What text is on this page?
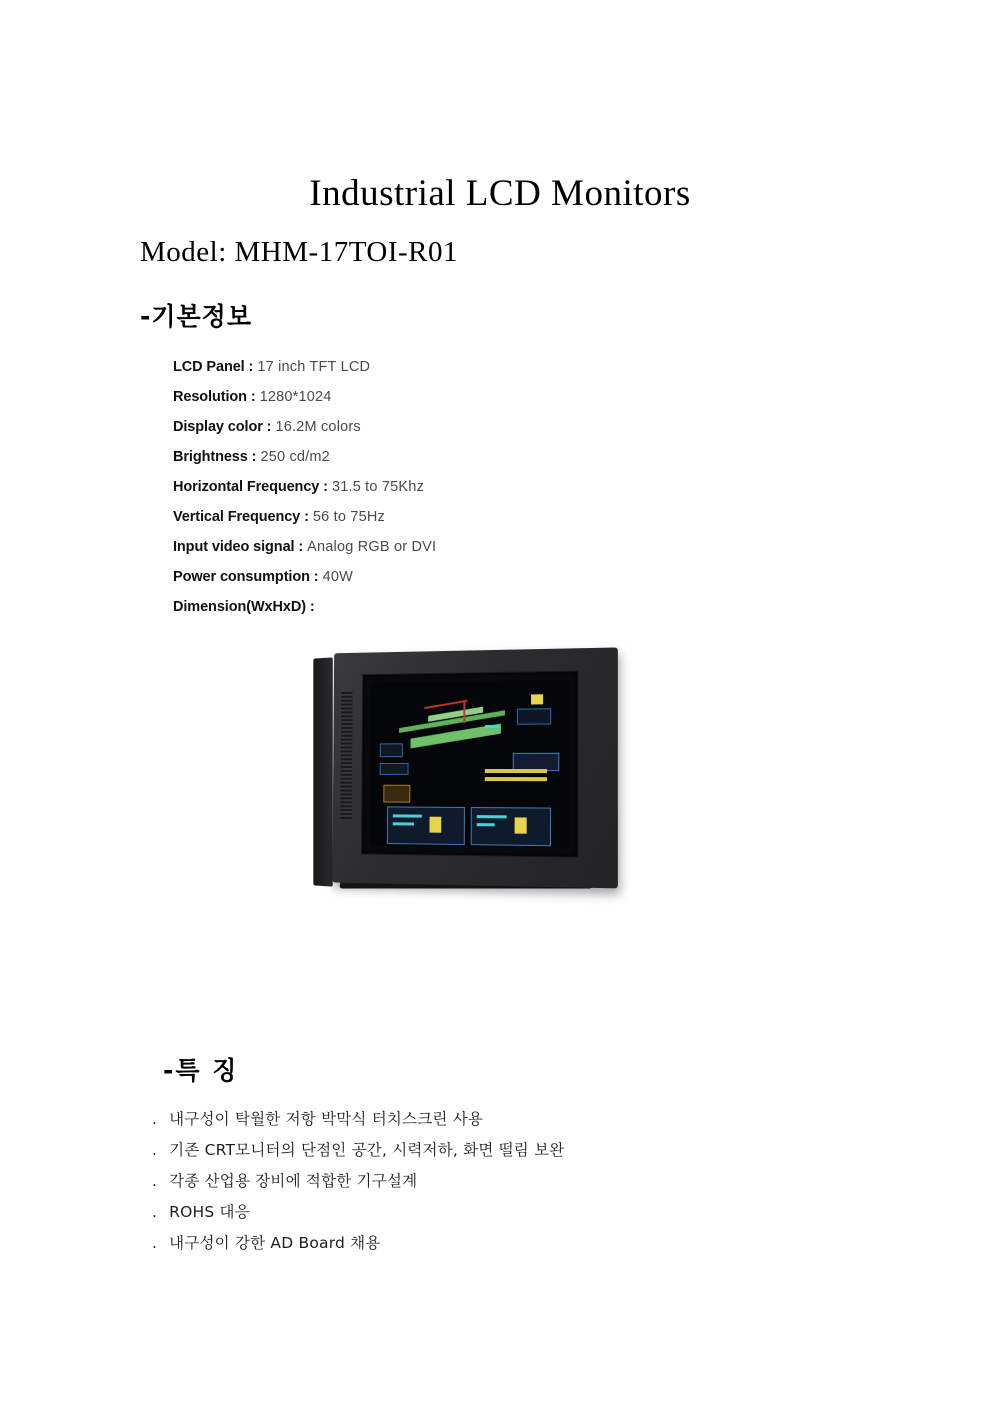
Industrial LCD Monitors
Model: MHM-17TOI-R01
-기본정보
LCD Panel : 17 inch TFT LCD
Resolution : 1280*1024
Display color : 16.2M colors
Brightness : 250 cd/m2
Horizontal Frequency : 31.5 to 75Khz
Vertical Frequency : 56 to 75Hz
Input video signal : Analog RGB or DVI
Power consumption : 40W
Dimension(WxHxD) :
-특 징
. 내구성이 탁월한 저항 박막식 터치스크린 사용
. 기존 CRT모니터의 단점인 공간, 시력저하, 화면 떨림 보완
. 각종 산업용 장비에 적합한 기구설계
. ROHS 대응
. 내구성이 강한 AD Board 채용
